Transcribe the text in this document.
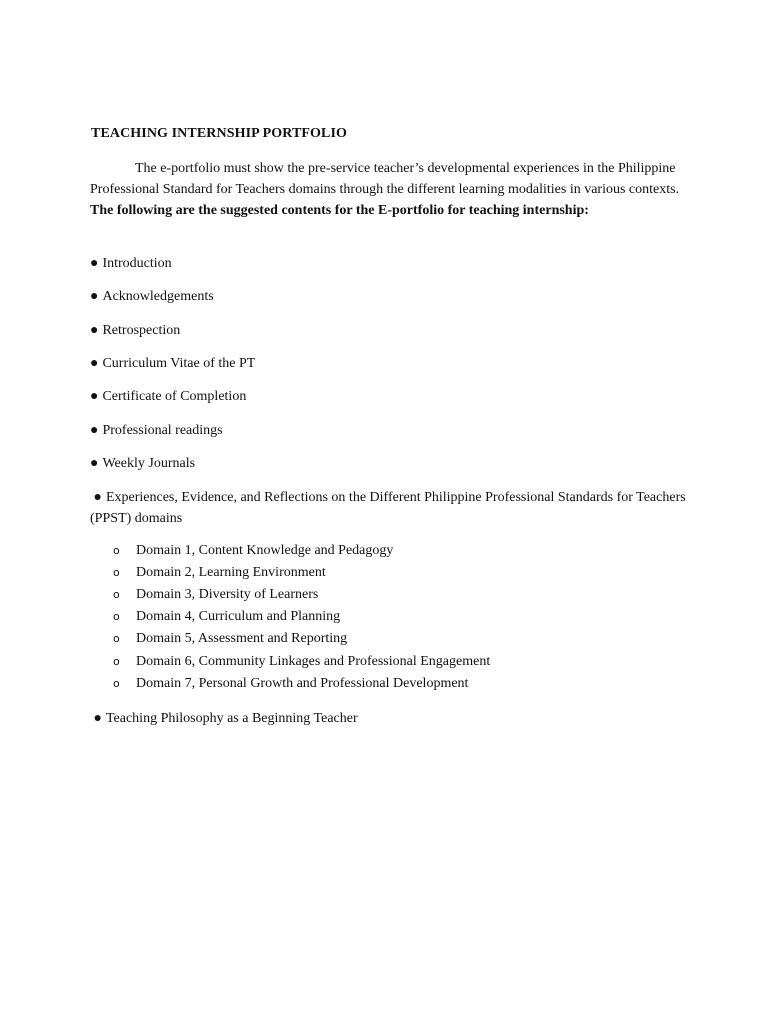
TEACHING INTERNSHIP PORTFOLIO

The e-portfolio must show the pre-service teacher’s developmental experiences in the Philippine Professional Standard for Teachers domains through the different learning modalities in various contexts. The following are the suggested contents for the E-portfolio for teaching internship:

● Introduction

● Acknowledgements

● Retrospection

● Curriculum Vitae of the PT

● Certificate of Completion

● Professional readings

● Weekly Journals

● Experiences, Evidence, and Reflections on the Different Philippine Professional Standards for Teachers (PPST) domains

o Domain 1, Content Knowledge and Pedagogy
o Domain 2, Learning Environment
o Domain 3, Diversity of Learners
o Domain 4, Curriculum and Planning
o Domain 5, Assessment and Reporting
o Domain 6, Community Linkages and Professional Engagement
o Domain 7, Personal Growth and Professional Development

● Teaching Philosophy as a Beginning Teacher
